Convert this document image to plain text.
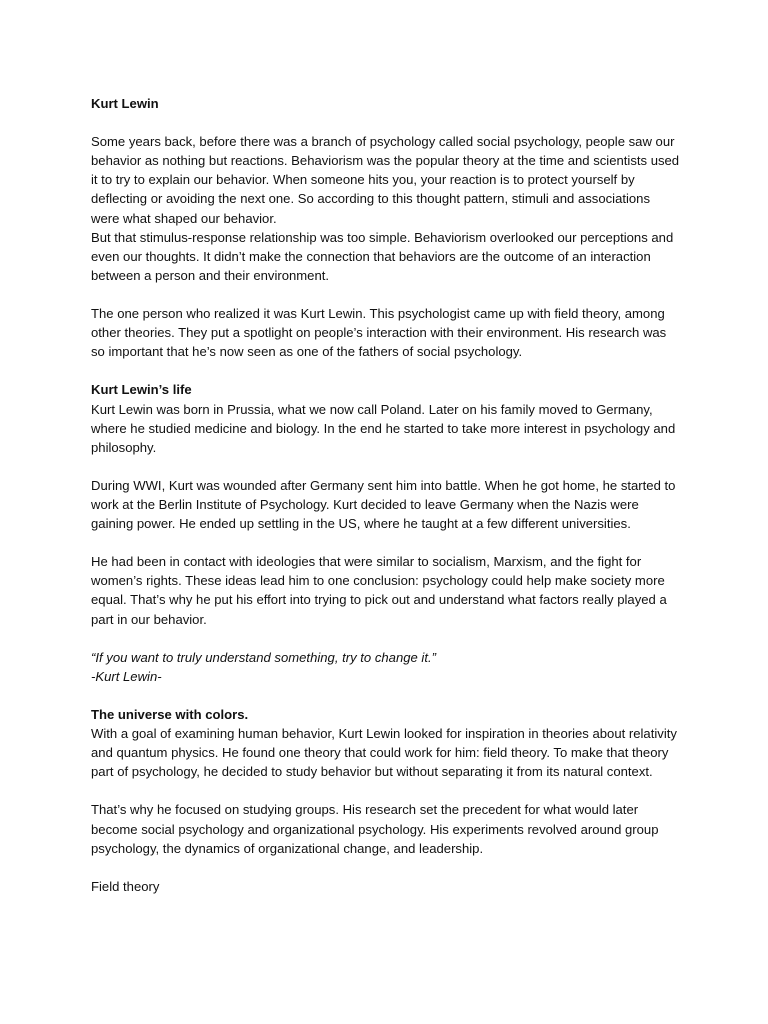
Kurt Lewin

Some years back, before there was a branch of psychology called social psychology, people saw our behavior as nothing but reactions. Behaviorism was the popular theory at the time and scientists used it to try to explain our behavior. When someone hits you, your reaction is to protect yourself by deflecting or avoiding the next one. So according to this thought pattern, stimuli and associations were what shaped our behavior.

But that stimulus-response relationship was too simple. Behaviorism overlooked our perceptions and even our thoughts. It didn’t make the connection that behaviors are the outcome of an interaction between a person and their environment.

The one person who realized it was Kurt Lewin. This psychologist came up with field theory, among other theories. They put a spotlight on people’s interaction with their environment. His research was so important that he’s now seen as one of the fathers of social psychology.

Kurt Lewin’s life

Kurt Lewin was born in Prussia, what we now call Poland. Later on his family moved to Germany, where he studied medicine and biology. In the end he started to take more interest in psychology and philosophy.

During WWI, Kurt was wounded after Germany sent him into battle. When he got home, he started to work at the Berlin Institute of Psychology. Kurt decided to leave Germany when the Nazis were gaining power. He ended up settling in the US, where he taught at a few different universities.

He had been in contact with ideologies that were similar to socialism, Marxism, and the fight for women’s rights. These ideas lead him to one conclusion: psychology could help make society more equal. That’s why he put his effort into trying to pick out and understand what factors really played a part in our behavior.

“If you want to truly understand something, try to change it.”

-Kurt Lewin-

The universe with colors.

With a goal of examining human behavior, Kurt Lewin looked for inspiration in theories about relativity and quantum physics. He found one theory that could work for him: field theory. To make that theory part of psychology, he decided to study behavior but without separating it from its natural context.

That’s why he focused on studying groups. His research set the precedent for what would later become social psychology and organizational psychology. His experiments revolved around group psychology, the dynamics of organizational change, and leadership.

Field theory
